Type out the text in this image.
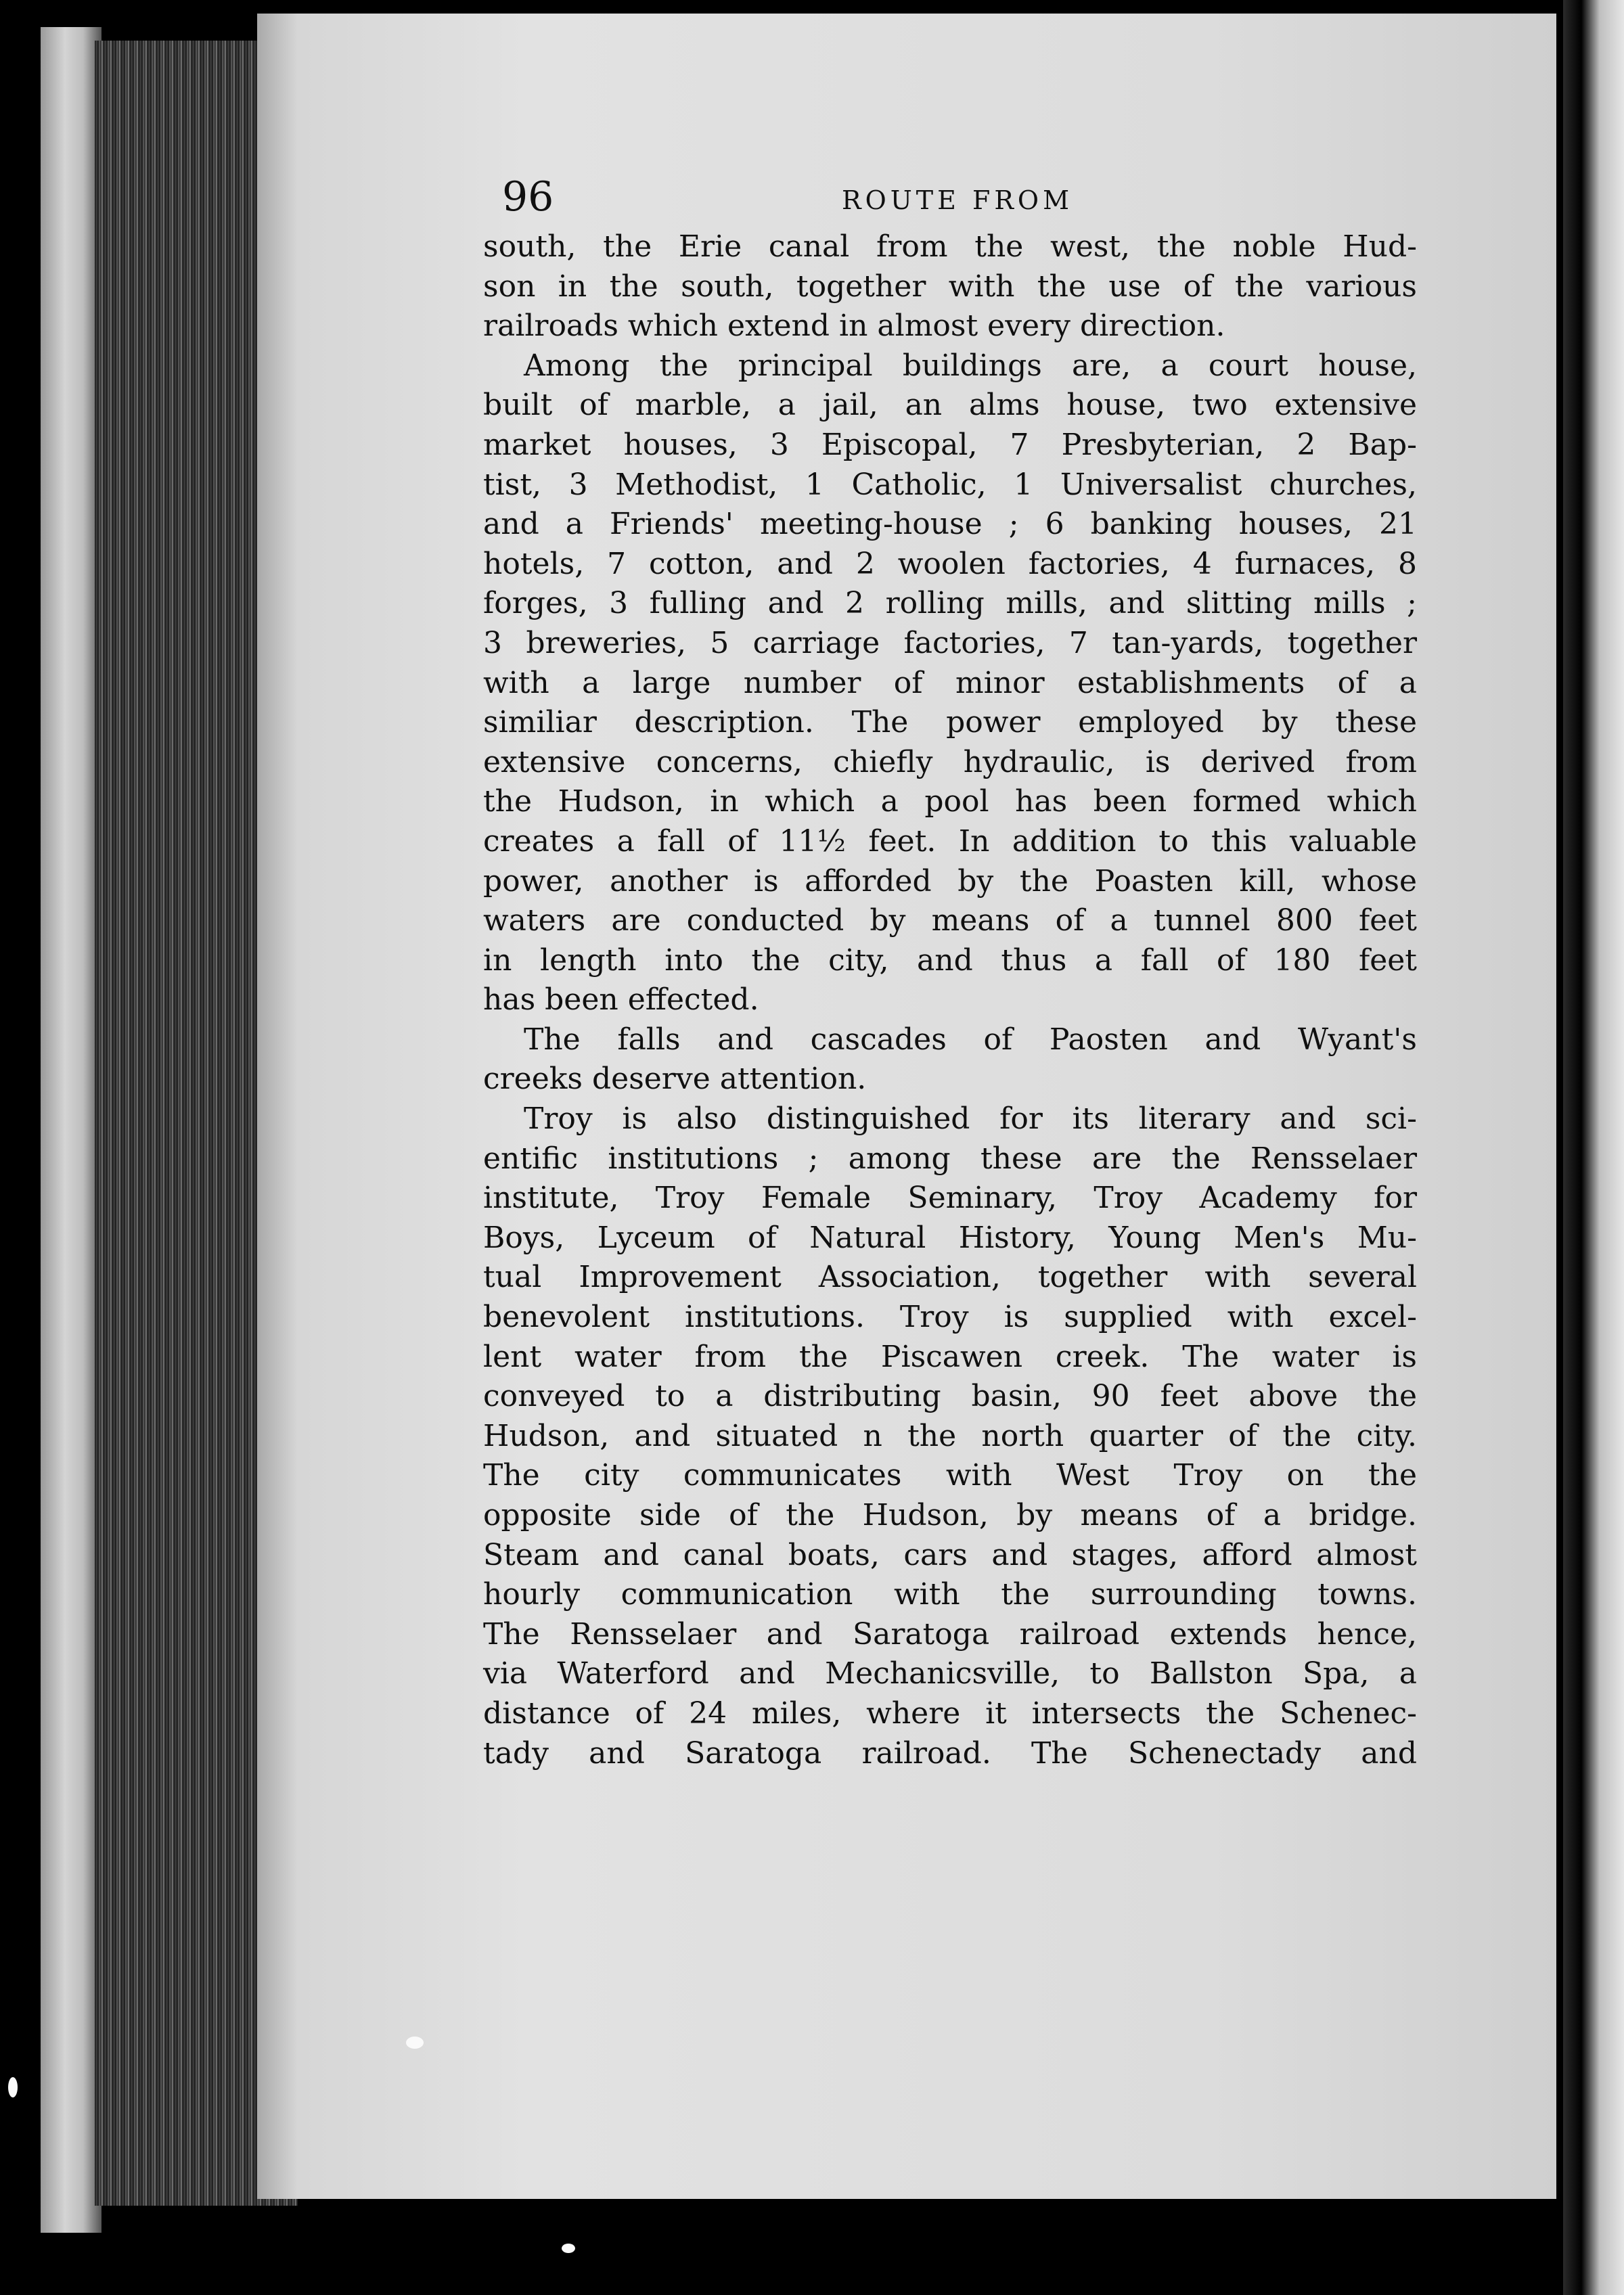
96	ROUTE FROM
south, the Erie canal from the west, the noble Hud-
son in the south, together with the use of the various
railroads which extend in almost every direction.
Among the principal buildings are, a court house,
built of marble, a jail, an alms house, two extensive
market houses, 3 Episcopal, 7 Presbyterian, 2 Bap-
tist, 3 Methodist, 1 Catholic, 1 Universalist churches,
and a Friends' meeting-house ; 6 banking houses, 21
hotels, 7 cotton, and 2 woolen factories, 4 furnaces, 8
forges, 3 fulling and 2 rolling mills, and slitting mills ;
3 breweries, 5 carriage factories, 7 tan-yards, together
with a large number of minor establishments of a
similiar description. The power employed by these
extensive concerns, chiefly hydraulic, is derived from
the Hudson, in which a pool has been formed which
creates a fall of 11½ feet. In addition to this valuable
power, another is afforded by the Poasten kill, whose
waters are conducted by means of a tunnel 800 feet
in length into the city, and thus a fall of 180 feet
has been effected.
The falls and cascades of Paosten and Wyant's
creeks deserve attention.
Troy is also distinguished for its literary and sci-
entific institutions ; among these are the Rensselaer
institute, Troy Female Seminary, Troy Academy for
Boys, Lyceum of Natural History, Young Men's Mu-
tual Improvement Association, together with several
benevolent institutions. Troy is supplied with excel-
lent water from the Piscawen creek. The water is
conveyed to a distributing basin, 90 feet above the
Hudson, and situated n the north quarter of the city.
The city communicates with West Troy on the
opposite side of the Hudson, by means of a bridge.
Steam and canal boats, cars and stages, afford almost
hourly communication with the surrounding towns.
The Rensselaer and Saratoga railroad extends hence,
via Waterford and Mechanicsville, to Ballston Spa, a
distance of 24 miles, where it intersects the Schenec-
tady and Saratoga railroad. The Schenectady and
